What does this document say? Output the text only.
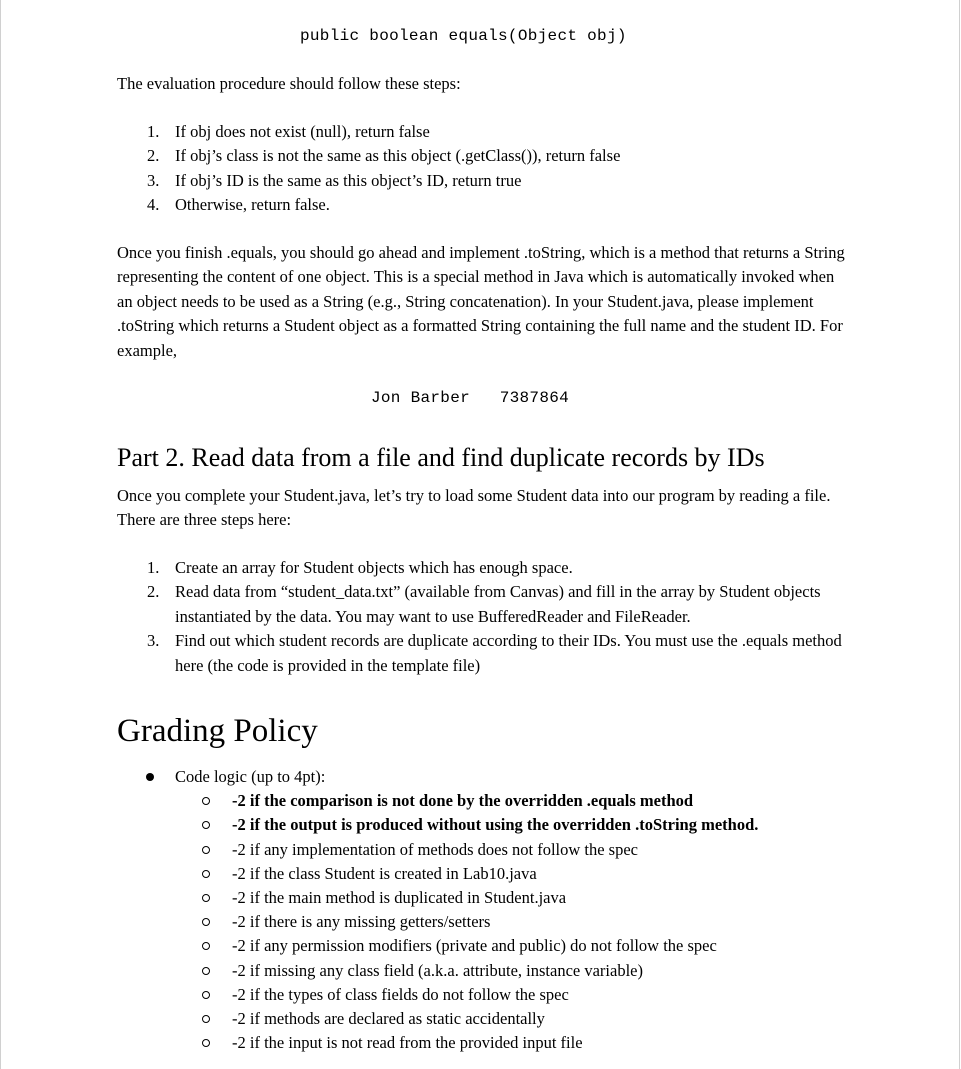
public boolean equals(Object obj)
The evaluation procedure should follow these steps:
1. If obj does not exist (null), return false
2. If obj’s class is not the same as this object (.getClass()), return false
3. If obj’s ID is the same as this object’s ID, return true
4. Otherwise, return false.
Once you finish .equals, you should go ahead and implement .toString, which is a method that returns a String representing the content of one object. This is a special method in Java which is automatically invoked when an object needs to be used as a String (e.g., String concatenation). In your Student.java, please implement .toString which returns a Student object as a formatted String containing the full name and the student ID. For example,
Jon Barber   7387864
Part 2. Read data from a file and find duplicate records by IDs
Once you complete your Student.java, let’s try to load some Student data into our program by reading a file. There are three steps here:
1. Create an array for Student objects which has enough space.
2. Read data from “student_data.txt” (available from Canvas) and fill in the array by Student objects instantiated by the data. You may want to use BufferedReader and FileReader.
3. Find out which student records are duplicate according to their IDs. You must use the .equals method here (the code is provided in the template file)
Grading Policy
Code logic (up to 4pt):
-2 if the comparison is not done by the overridden .equals method
-2 if the output is produced without using the overridden .toString method.
-2 if any implementation of methods does not follow the spec
-2 if the class Student is created in Lab10.java
-2 if the main method is duplicated in Student.java
-2 if there is any missing getters/setters
-2 if any permission modifiers (private and public) do not follow the spec
-2 if missing any class field (a.k.a. attribute, instance variable)
-2 if the types of class fields do not follow the spec
-2 if methods are declared as static accidentally
-2 if the input is not read from the provided input file
